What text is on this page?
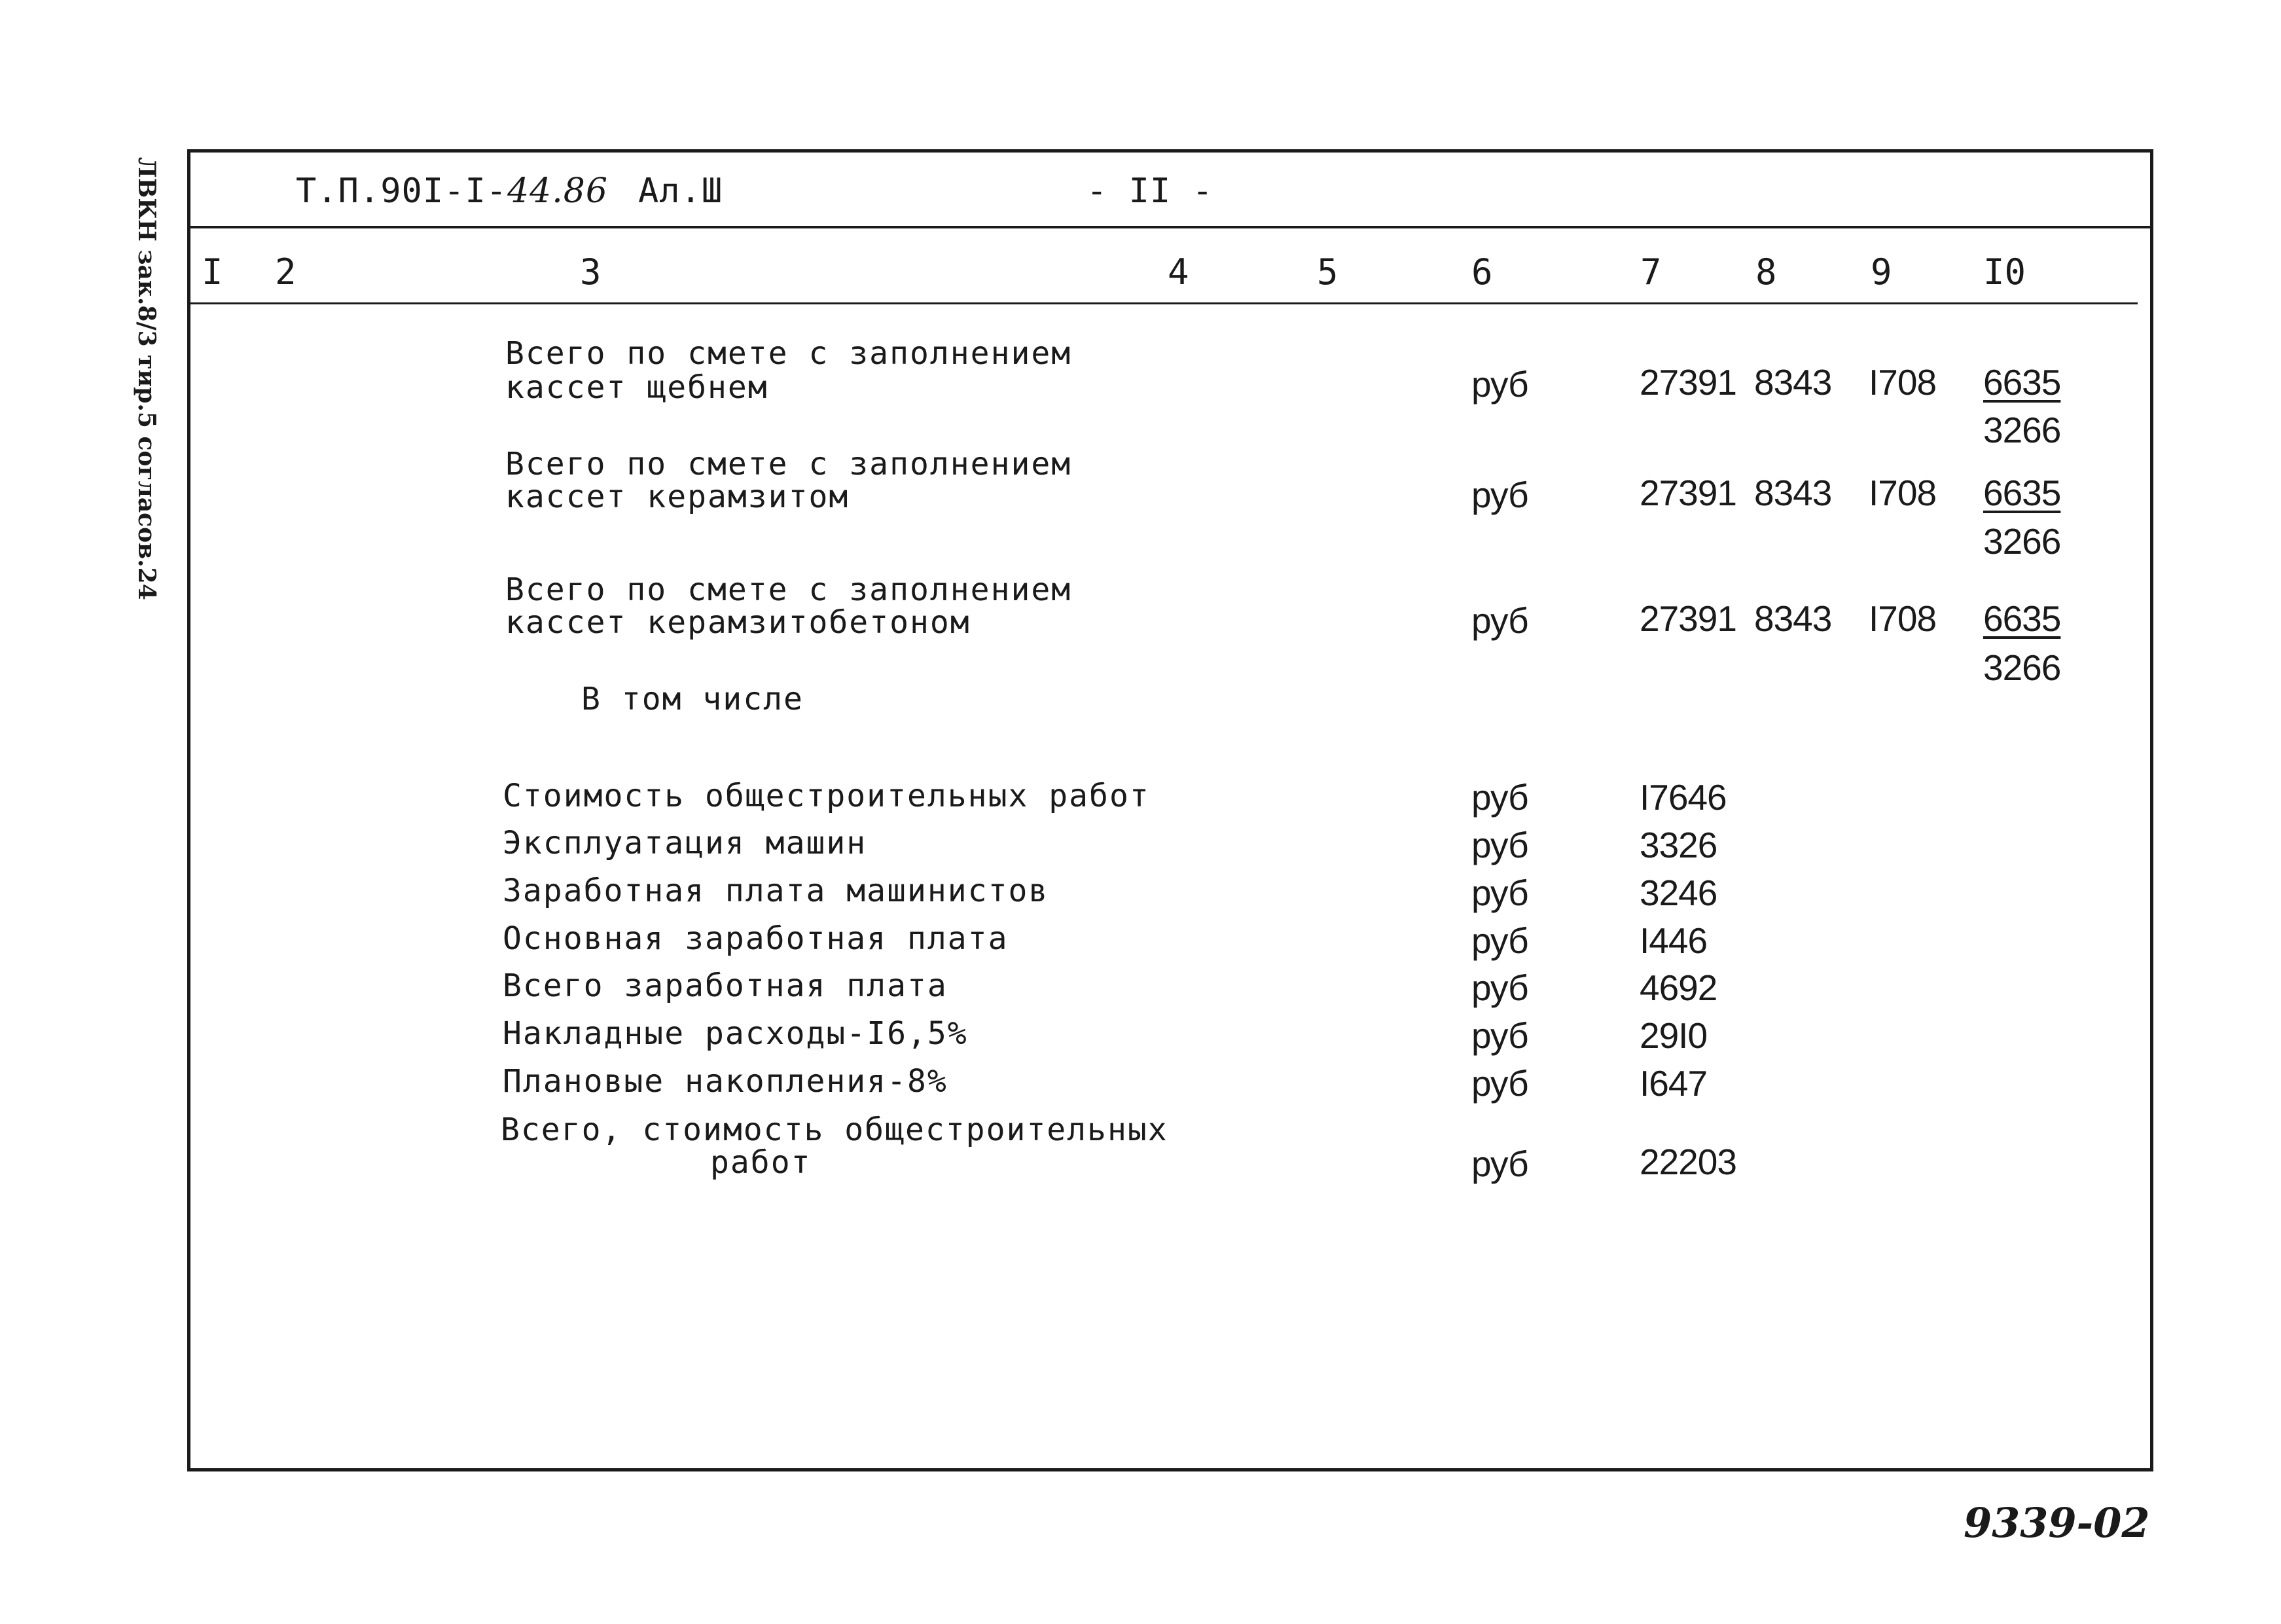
ЛВКН зак.8/3 тир.5 согласов.24	Т.П.90I-I-44.86 Ал.Ш	- II -
I 2	3	4	5	6	7	8	9	I0
Всего по смете с заполнением
кассет щебнем	руб	27391 8343 I708 6635
3266
Всего по смете с заполнением
кассет керамзитом	руб	27391 8343 I708 6635
3266
Всего по смете с заполнением
кассет керамзитобетоном	руб	27391 8343 I708 6635
3266
В том числе
Стоимость общестроительных работ	руб	I7646
Эксплуатация машин	руб	3326
Заработная плата машинистов	руб	3246
Основная заработная плата	руб	I446
Всего заработная плата	руб	4692
Накладные расходы-I6,5%	руб	29I0
Плановые накопления-8%	руб	I647
Всего, стоимость общестроительных
работ	руб	22203
9339-02
